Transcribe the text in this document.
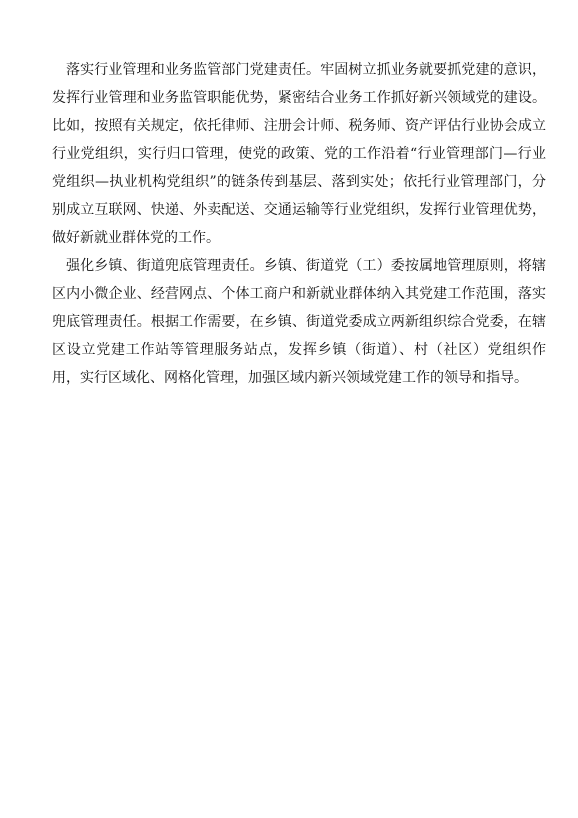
落实行业管理和业务监管部门党建责任。牢固树立抓业务就要抓党建的意识，发挥行业管理和业务监管职能优势，紧密结合业务工作抓好新兴领域党的建设。比如，按照有关规定，依托律师、注册会计师、税务师、资产评估行业协会成立行业党组织，实行归口管理，使党的政策、党的工作沿着“行业管理部门—行业党组织—执业机构党组织”的链条传到基层、落到实处；依托行业管理部门，分别成立互联网、快递、外卖配送、交通运输等行业党组织，发挥行业管理优势，做好新就业群体党的工作。

强化乡镇、街道兜底管理责任。乡镇、街道党（工）委按属地管理原则，将辖区内小微企业、经营网点、个体工商户和新就业群体纳入其党建工作范围，落实兜底管理责任。根据工作需要，在乡镇、街道党委成立两新组织综合党委，在辖区设立党建工作站等管理服务站点，发挥乡镇（街道）、村（社区）党组织作用，实行区域化、网格化管理，加强区域内新兴领域党建工作的领导和指导。
